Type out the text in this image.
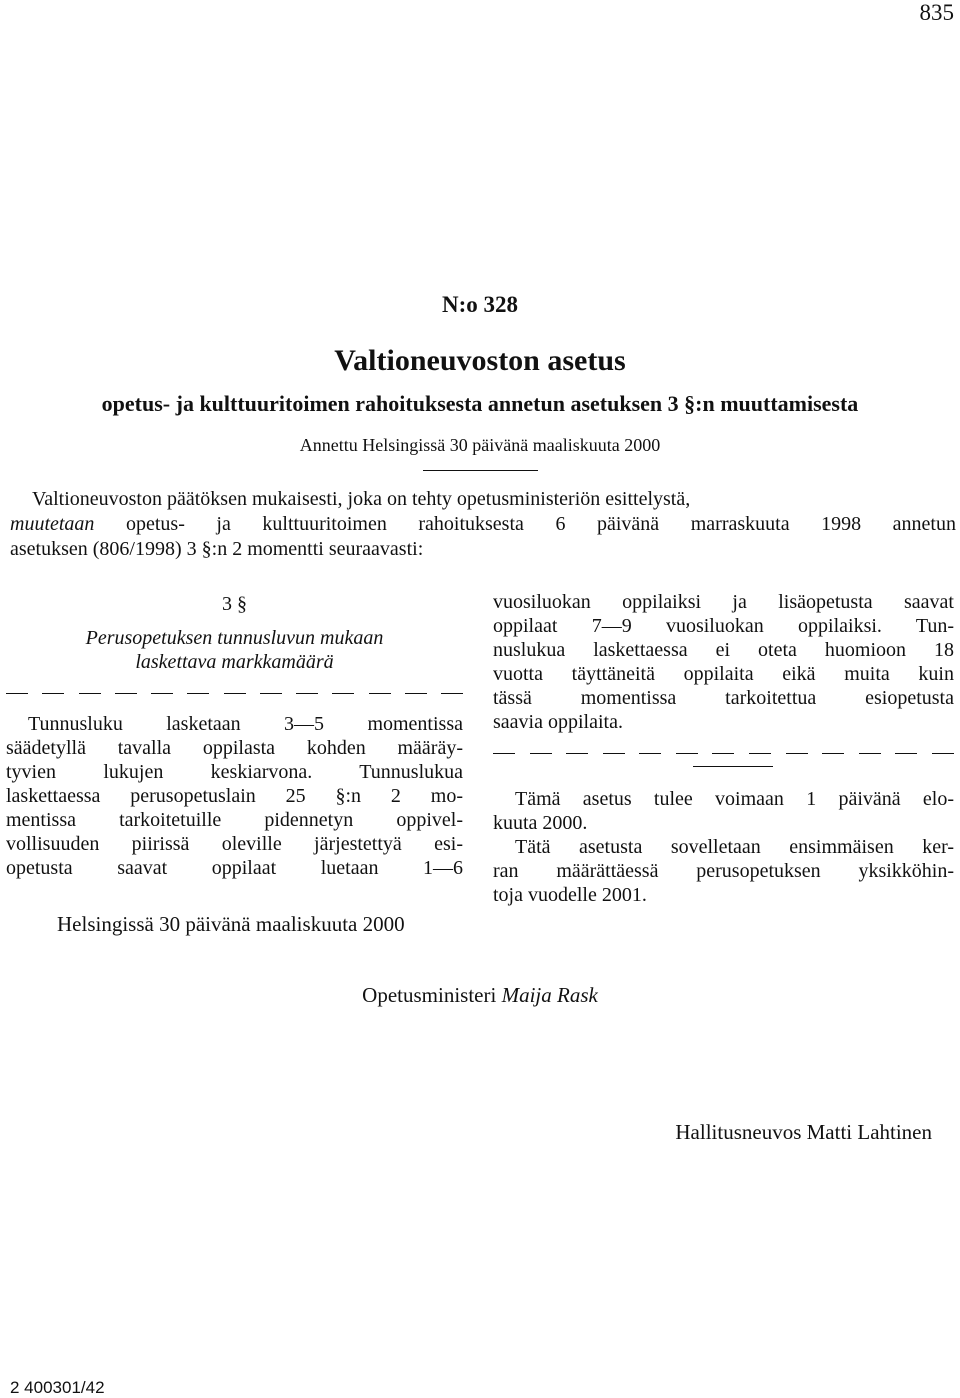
835
N:o 328
Valtioneuvoston asetus
opetus- ja kulttuuritoimen rahoituksesta annetun asetuksen 3 §:n muuttamisesta
Annettu Helsingissä 30 päivänä maaliskuuta 2000
Valtioneuvoston päätöksen mukaisesti, joka on tehty opetusministeriön esittelystä,
muutetaan opetus- ja kulttuuritoimen rahoituksesta 6 päivänä marraskuuta 1998 annetun
asetuksen (806/1998) 3 §:n 2 momentti seuraavasti:
3 §
Perusopetuksen tunnusluvun mukaan
laskettava markkamäärä
Tunnusluku lasketaan 3—5 momentissa
säädetyllä tavalla oppilasta kohden määräy-
tyvien lukujen keskiarvona. Tunnuslukua
laskettaessa perusopetuslain 25 §:n 2 mo-
mentissa tarkoitetuille pidennetyn oppivel-
vollisuuden piirissä oleville järjestettyä esi-
opetusta saavat oppilaat luetaan 1—6
vuosiluokan oppilaiksi ja lisäopetusta saavat
oppilaat 7—9 vuosiluokan oppilaiksi. Tun-
nuslukua laskettaessa ei oteta huomioon 18
vuotta täyttäneitä oppilaita eikä muita kuin
tässä momentissa tarkoitettua esiopetusta
saavia oppilaita.
Tämä asetus tulee voimaan 1 päivänä elo-
kuuta 2000.
Tätä asetusta sovelletaan ensimmäisen ker-
ran määrättäessä perusopetuksen yksikköhin-
toja vuodelle 2001.
Helsingissä 30 päivänä maaliskuuta 2000
Opetusministeri Maija Rask
Hallitusneuvos Matti Lahtinen
2 400301/42
